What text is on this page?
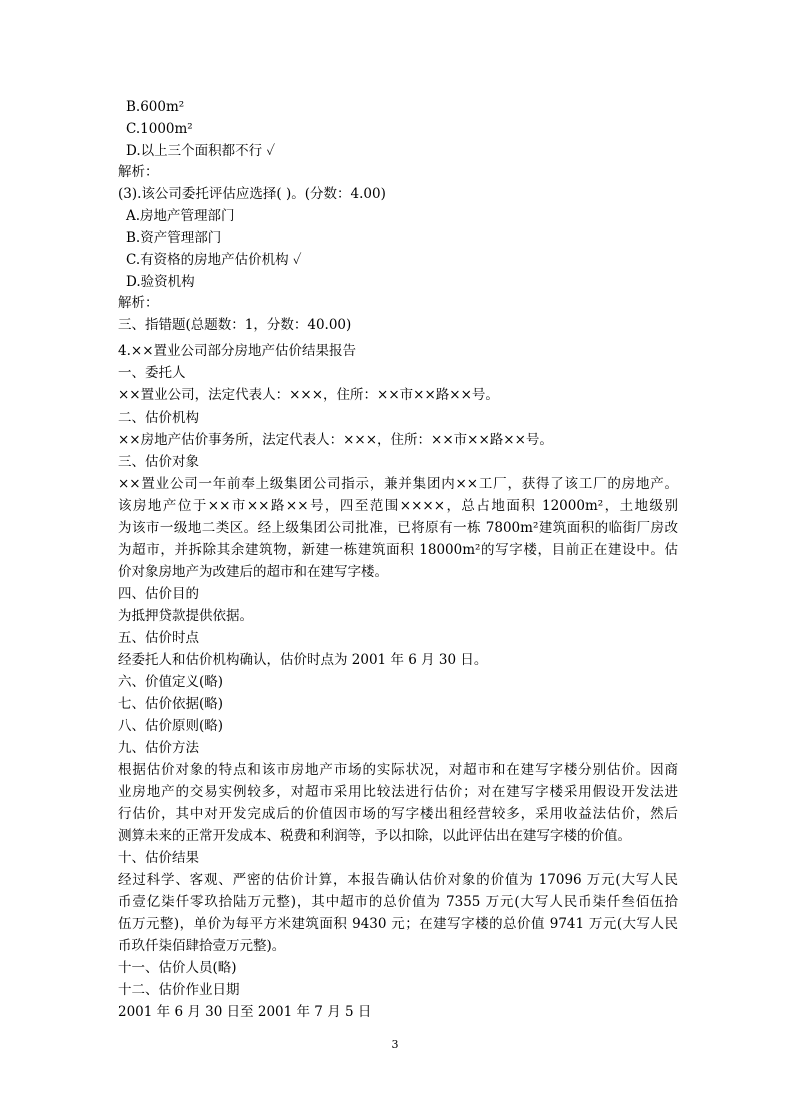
B.600m²
C.1000m²
D.以上三个面积都不行 ✓
解析：
(3).该公司委托评估应选择( )。(分数：4.00)
A.房地产管理部门
B.资产管理部门
C.有资格的房地产估价机构 ✓
D.验资机构
解析：
三、指错题(总题数：1，分数：40.00)
4.××置业公司部分房地产估价结果报告
一、委托人
××置业公司，法定代表人：×××，住所：××市××路××号。
二、估价机构
××房地产估价事务所，法定代表人：×××，住所：××市××路××号。
三、估价对象
××置业公司一年前奉上级集团公司指示，兼并集团内××工厂，获得了该工厂的房地产。
该房地产位于××市××路××号，四至范围××××，总占地面积 12000m²，土地级别
为该市一级地二类区。经上级集团公司批准，已将原有一栋 7800m²建筑面积的临街厂房改
为超市，并拆除其余建筑物，新建一栋建筑面积 18000m²的写字楼，目前正在建设中。估
价对象房地产为改建后的超市和在建写字楼。
四、估价目的
为抵押贷款提供依据。
五、估价时点
经委托人和估价机构确认，估价时点为 2001 年 6 月 30 日。
六、价值定义(略)
七、估价依据(略)
八、估价原则(略)
九、估价方法
根据估价对象的特点和该市房地产市场的实际状况，对超市和在建写字楼分别估价。因商
业房地产的交易实例较多，对超市采用比较法进行估价；对在建写字楼采用假设开发法进
行估价，其中对开发完成后的价值因市场的写字楼出租经营较多，采用收益法估价，然后
测算未来的正常开发成本、税费和利润等，予以扣除，以此评估出在建写字楼的价值。
十、估价结果
经过科学、客观、严密的估价计算，本报告确认估价对象的价值为 17096 万元(大写人民
币壹亿柒仟零玖拾陆万元整)，其中超市的总价值为 7355 万元(大写人民币柒仟叁佰伍拾
伍万元整)，单价为每平方米建筑面积 9430 元；在建写字楼的总价值 9741 万元(大写人民
币玖仟柒佰肆拾壹万元整)。
十一、估价人员(略)
十二、估价作业日期
2001 年 6 月 30 日至 2001 年 7 月 5 日
3
